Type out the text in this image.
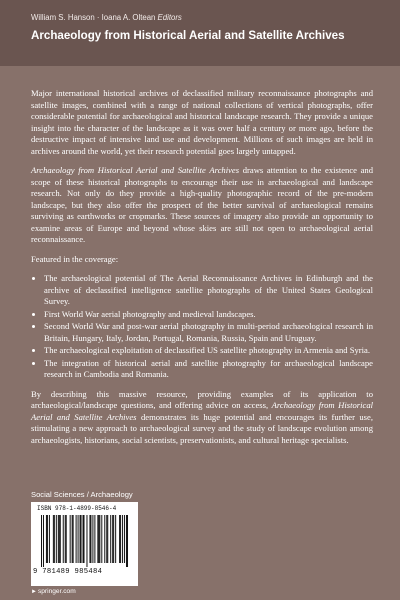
William S. Hanson · Ioana A. Oltean Editors
Archaeology from Historical Aerial and Satellite Archives

Major international historical archives of declassified military reconnaissance photographs and satellite images, combined with a range of national collections of vertical photographs, offer considerable potential for archaeological and historical landscape research. They provide a unique insight into the character of the landscape as it was over half a century or more ago, before the destructive impact of intensive land use and development. Millions of such images are held in archives around the world, yet their research potential goes largely untapped.

Archaeology from Historical Aerial and Satellite Archives draws attention to the existence and scope of these historical photographs to encourage their use in archaeological and landscape research. Not only do they provide a high-quality photographic record of the pre-modern landscape, but they also offer the prospect of the better survival of archaeological remains surviving as earthworks or cropmarks. These sources of imagery also provide an opportunity to examine areas of Europe and beyond whose skies are still not open to archaeological aerial reconnaissance.

Featured in the coverage:

• The archaeological potential of The Aerial Reconnaissance Archives in Edinburgh and the archive of declassified intelligence satellite photographs of the United States Geological Survey.
• First World War aerial photography and medieval landscapes.
• Second World War and post-war aerial photography in multi-period archaeological research in Britain, Hungary, Italy, Jordan, Portugal, Romania, Russia, Spain and Uruguay.
• The archaeological exploitation of declassified US satellite photography in Armenia and Syria.
• The integration of historical aerial and satellite photography for archaeological landscape research in Cambodia and Romania.

By describing this massive resource, providing examples of its application to archaeological/landscape questions, and offering advice on access, Archaeology from Historical Aerial and Satellite Archives demonstrates its huge potential and encourages its further use, stimulating a new approach to archaeological survey and the study of landscape evolution among archaeologists, historians, social scientists, preservationists, and cultural heritage specialists.

Social Sciences / Archaeology
ISBN 978-1-4899-8546-4
9 781489 985484
►springer.com
